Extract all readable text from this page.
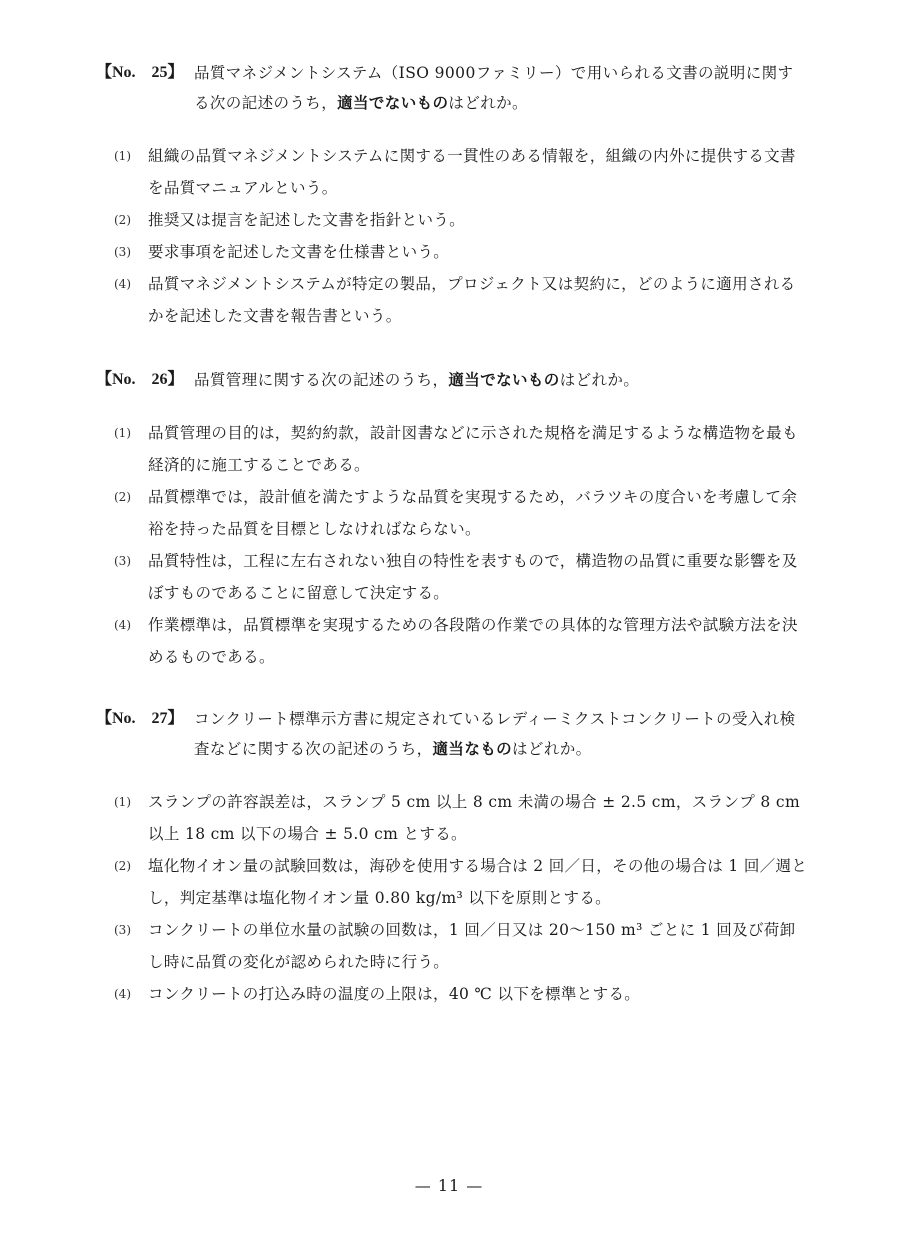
【No.　25】 品質マネジメントシステム（ISO 9000ファミリー）で用いられる文書の説明に関する次の記述のうち，適当でないものはどれか。
(1) 組織の品質マネジメントシステムに関する一貫性のある情報を，組織の内外に提供する文書を品質マニュアルという。
(2) 推奨又は提言を記述した文書を指針という。
(3) 要求事項を記述した文書を仕様書という。
(4) 品質マネジメントシステムが特定の製品，プロジェクト又は契約に，どのように適用されるかを記述した文書を報告書という。
【No.　26】 品質管理に関する次の記述のうち，適当でないものはどれか。
(1) 品質管理の目的は，契約約款，設計図書などに示された規格を満足するような構造物を最も経済的に施工することである。
(2) 品質標準では，設計値を満たすような品質を実現するため，バラツキの度合いを考慮して余裕を持った品質を目標としなければならない。
(3) 品質特性は，工程に左右されない独自の特性を表すもので，構造物の品質に重要な影響を及ぼすものであることに留意して決定する。
(4) 作業標準は，品質標準を実現するための各段階の作業での具体的な管理方法や試験方法を決めるものである。
【No.　27】 コンクリート標準示方書に規定されているレディーミクストコンクリートの受入れ検査などに関する次の記述のうち，適当なものはどれか。
(1) スランプの許容誤差は，スランプ 5 cm 以上 8 cm 未満の場合 ± 2.5 cm，スランプ 8 cm 以上 18 cm 以下の場合 ± 5.0 cm とする。
(2) 塩化物イオン量の試験回数は，海砂を使用する場合は 2 回／日，その他の場合は 1 回／週とし，判定基準は塩化物イオン量 0.80 kg/m³ 以下を原則とする。
(3) コンクリートの単位水量の試験の回数は，1 回／日又は 20〜150 m³ ごとに 1 回及び荷卸し時に品質の変化が認められた時に行う。
(4) コンクリートの打込み時の温度の上限は，40 ℃ 以下を標準とする。
— 11 —
